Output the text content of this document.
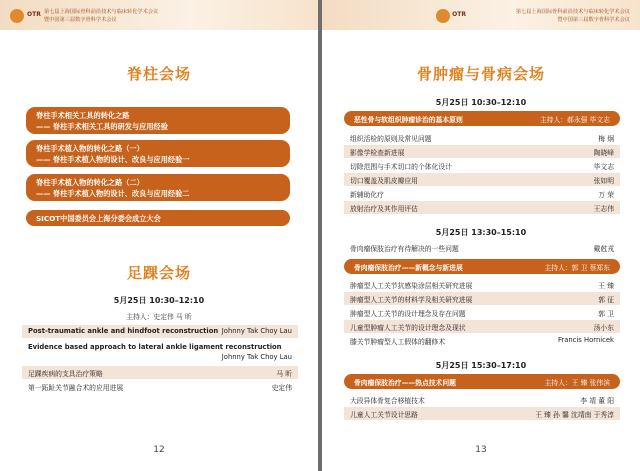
OTR 第七届上海国际骨科前沿技术与临床转化学术会议
暨中国第三届数字骨科学术会议
脊柱会场
脊柱手术相关工具的转化之路
—— 脊柱手术相关工具的研发与应用经验
脊柱手术植入物的转化之路（一）
—— 脊柱手术植入物的设计、改良与应用经验一
脊柱手术植入物的转化之路（二）
—— 脊柱手术植入物的设计、改良与应用经验二
SICOT中国委员会上海分委会成立大会
足踝会场
5月25日 10:30–12:10
主持人：史定伟 马 昕
Post-traumatic ankle and hindfoot reconstruction Johnny Tak Choy Lau
Evidence based approach to lateral ankle ligament reconstruction
Johnny Tak Choy Lau
足踝疾病的支具治疗策略	马 昕
第一跖趾关节融合术的应用进展	史定伟
12
OTR	第七届上海国际骨科前沿技术与临床转化学术会议
暨中国第三届数字骨科学术会议
骨肿瘤与骨病会场
5月25日 10:30–12:10
恶性骨与软组织肿瘤诊治的基本原则	主持人：郝永强 毕文志
组织活检的原则及常见问题	梅 炯
影像学检查新进展	陶晓峰
切除范围与手术切口的个体化设计	毕文志
切口覆盖及肌皮瓣应用	张如明
新辅助化疗	万 荣
放射治疗及其作用评估	王志伟
5月25日 13:30–15:10
骨肉瘤保肢治疗有待解决的一些问题	戴尅戎
骨肉瘤保肢治疗——新概念与新进展	主持人：郭 卫 蔡郑东
肿瘤型人工关节抗感染涂层相关研究进展	王 臻
肿瘤型人工关节的材料学及相关研究进展	郭 征
肿瘤型人工关节的设计理念及存在问题	郭 卫
儿童型肿瘤人工关节的设计理念及现状	汤小东
膝关节肿瘤型人工假体的翻修术	Francis Hornicek
5月25日 15:30–17:10
骨肉瘤保肢治疗——热点技术问题	主持人：王 臻 张伟滨
大段异体骨复合移植技术	李 靖 董 阳
儿童人工关节设计思路	王 臻 孙 馨 沈靖南 于秀淳
13
